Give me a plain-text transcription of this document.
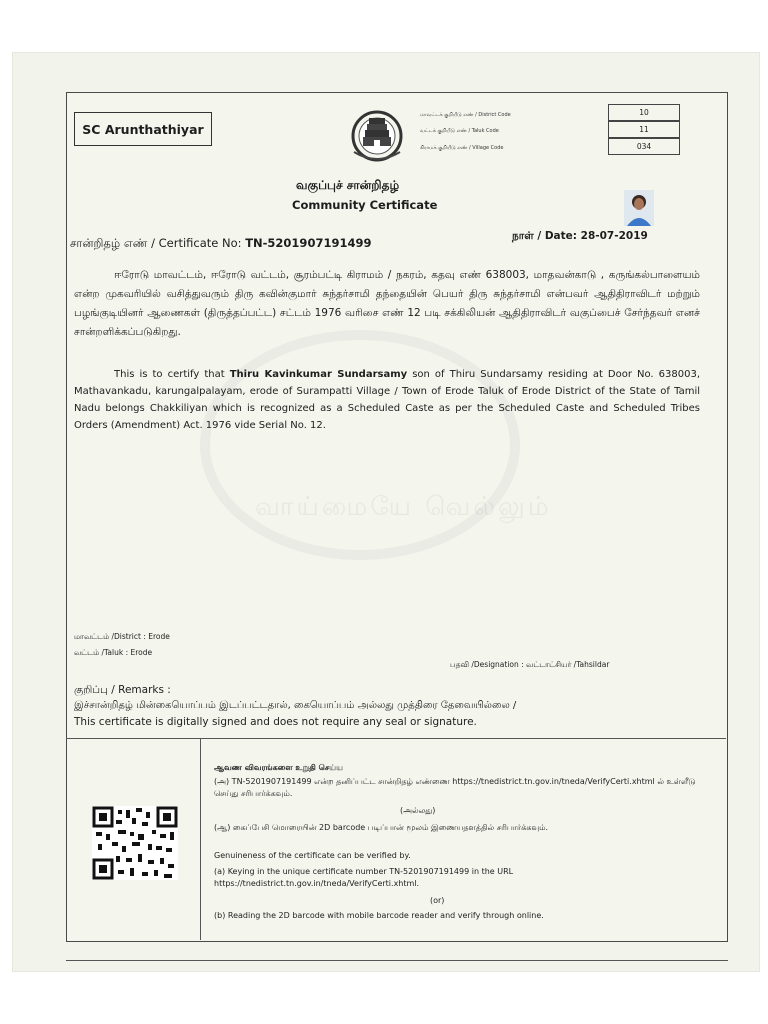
வாய்மையே வெல்லும்
SC Arunthathiyar
மாவட்டக் குறியீடு எண் / District Code	10
வட்டக் குறியீடு எண் / Taluk Code	11
கிராமக் குறியீடு எண் / Village Code	034
வகுப்புச் சான்றிதழ்
Community Certificate
சான்றிதழ் எண் / Certificate No: TN-5201907191499	நாள் / Date: 28-07-2019
ஈரோடு மாவட்டம், ஈரோடு வட்டம், சூரம்பட்டி கிராமம் / நகரம், கதவு எண் 638003, மாதவன்காடு , கருங்கல்பாளையம் என்ற முகவரியில் வசித்துவரும் திரு கவின்குமார் சுந்தர்சாமி தந்தையின் பெயர் திரு சுந்தர்சாமி என்பவர் ஆதிதிராவிடர் மற்றும் பழங்குடியினர் ஆணைகள் (திருத்தப்பட்ட) சட்டம் 1976 வரிசை எண் 12 படி சக்கிலியன் ஆதிதிராவிடர் வகுப்பைச் சேர்ந்தவர் எனச் சான்றளிக்கப்படுகிறது.
This is to certify that Thiru Kavinkumar Sundarsamy son of Thiru Sundarsamy residing at Door No. 638003, Mathavankadu, karungalpalayam, erode of Surampatti Village / Town of Erode Taluk of Erode District of the State of Tamil Nadu belongs Chakkiliyan which is recognized as a Scheduled Caste as per the Scheduled Caste and Scheduled Tribes Orders (Amendment) Act. 1976 vide Serial No. 12.
மாவட்டம் /District : Erode
வட்டம் /Taluk : Erode
பதவி /Designation : வட்டாட்சியர் /Tahsildar
குறிப்பு / Remarks :
இச்சான்றிதழ் மின்கையொப்பம் இடப்பட்டதால், கையொப்பம் அல்லது முத்திரை தேவையில்லை /
This certificate is digitally signed and does not require any seal or signature.
ஆவண விவரங்களை உறுதி செய்ய
(அ) TN-5201907191499 என்ற தனிப்பட்ட சான்றிதழ் எண்ணை https://tnedistrict.tn.gov.in/tneda/VerifyCerti.xhtml ல் உள்ளீடு செய்து சரிபார்க்கவும்.
(அல்லது)
(ஆ) கைப்பேசி மொரையின் 2D barcode படிப்பான் மூலம் இணையதளத்தில் சரிபார்க்கவும்.
Genuineness of the certificate can be verified by.
(a) Keying in the unique certificate number TN-5201907191499 in the URL https://tnedistrict.tn.gov.in/tneda/VerifyCerti.xhtml.
(or)
(b) Reading the 2D barcode with mobile barcode reader and verify through online.
